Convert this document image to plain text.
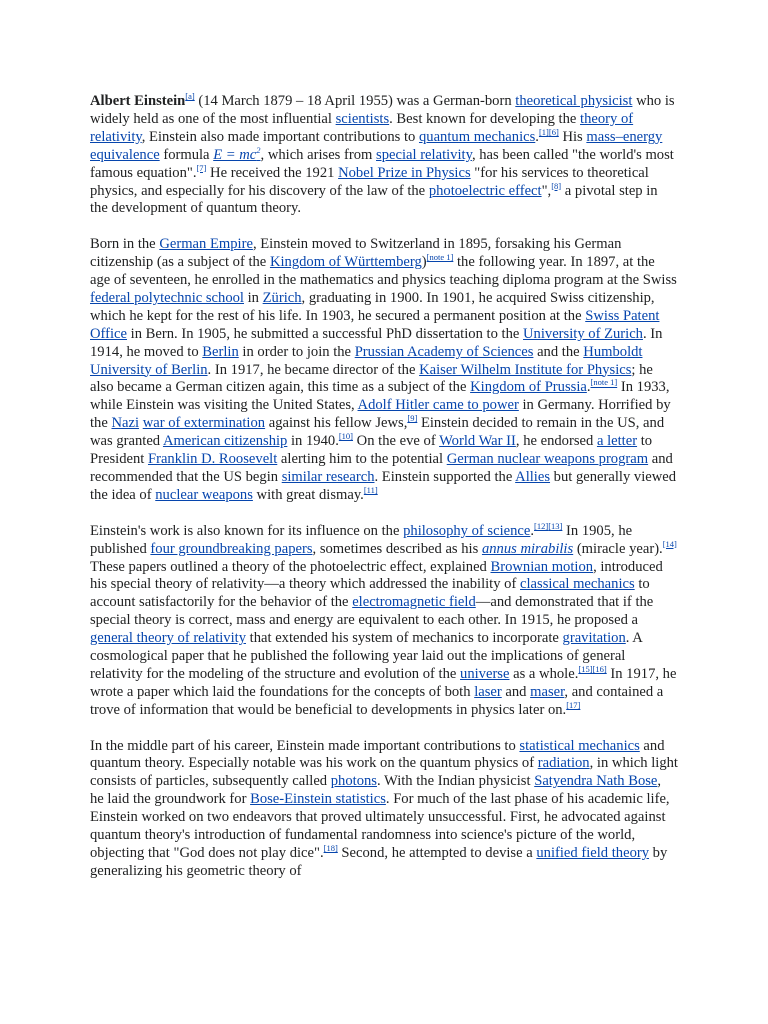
Albert Einstein[a] (14 March 1879 – 18 April 1955) was a German-born theoretical physicist who is widely held as one of the most influential scientists. Best known for developing the theory of relativity, Einstein also made important contributions to quantum mechanics.[1][6] His mass–energy equivalence formula E = mc$^2$, which arises from special relativity, has been called "the world's most famous equation".[7] He received the 1921 Nobel Prize in Physics "for his services to theoretical physics, and especially for his discovery of the law of the photoelectric effect",[8] a pivotal step in the development of quantum theory.

Born in the German Empire, Einstein moved to Switzerland in 1895, forsaking his German citizenship (as a subject of the Kingdom of Württemberg)[note 1] the following year. In 1897, at the age of seventeen, he enrolled in the mathematics and physics teaching diploma program at the Swiss federal polytechnic school in Zürich, graduating in 1900. In 1901, he acquired Swiss citizenship, which he kept for the rest of his life. In 1903, he secured a permanent position at the Swiss Patent Office in Bern. In 1905, he submitted a successful PhD dissertation to the University of Zurich. In 1914, he moved to Berlin in order to join the Prussian Academy of Sciences and the Humboldt University of Berlin. In 1917, he became director of the Kaiser Wilhelm Institute for Physics; he also became a German citizen again, this time as a subject of the Kingdom of Prussia.[note 1] In 1933, while Einstein was visiting the United States, Adolf Hitler came to power in Germany. Horrified by the Nazi war of extermination against his fellow Jews,[9] Einstein decided to remain in the US, and was granted American citizenship in 1940.[10] On the eve of World War II, he endorsed a letter to President Franklin D. Roosevelt alerting him to the potential German nuclear weapons program and recommended that the US begin similar research. Einstein supported the Allies but generally viewed the idea of nuclear weapons with great dismay.[11]

Einstein's work is also known for its influence on the philosophy of science.[12][13] In 1905, he published four groundbreaking papers, sometimes described as his annus mirabilis (miracle year).[14] These papers outlined a theory of the photoelectric effect, explained Brownian motion, introduced his special theory of relativity—a theory which addressed the inability of classical mechanics to account satisfactorily for the behavior of the electromagnetic field—and demonstrated that if the special theory is correct, mass and energy are equivalent to each other. In 1915, he proposed a general theory of relativity that extended his system of mechanics to incorporate gravitation. A cosmological paper that he published the following year laid out the implications of general relativity for the modeling of the structure and evolution of the universe as a whole.[15][16] In 1917, he wrote a paper which laid the foundations for the concepts of both laser and maser, and contained a trove of information that would be beneficial to developments in physics later on.[17]

In the middle part of his career, Einstein made important contributions to statistical mechanics and quantum theory. Especially notable was his work on the quantum physics of radiation, in which light consists of particles, subsequently called photons. With the Indian physicist Satyendra Nath Bose, he laid the groundwork for Bose-Einstein statistics. For much of the last phase of his academic life, Einstein worked on two endeavors that proved ultimately unsuccessful. First, he advocated against quantum theory's introduction of fundamental randomness into science's picture of the world, objecting that "God does not play dice".[18] Second, he attempted to devise a unified field theory by generalizing his geometric theory of
